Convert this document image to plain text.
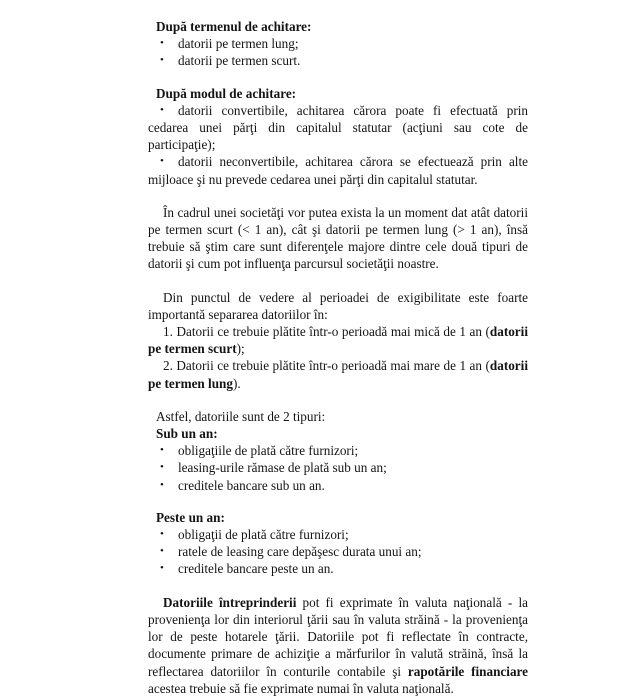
După termenul de achitare:
• datorii pe termen lung;
• datorii pe termen scurt.
După modul de achitare:
• datorii convertibile, achitarea cărora poate fi efectuată prin cedarea unei părţi din capitalul statutar (acţiuni sau cote de participaţie);
• datorii neconvertibile, achitarea cărora se efectuează prin alte mijloace şi nu prevede cedarea unei părţi din capitalul statutar.

În cadrul unei societăţi vor putea exista la un moment dat atât datorii pe termen scurt (< 1 an), cât şi datorii pe termen lung (> 1 an), însă trebuie să ştim care sunt diferenţele majore dintre cele două tipuri de datorii şi cum pot influenţa parcursul societăţii noastre.

Din punctul de vedere al perioadei de exigibilitate este foarte importantă separarea datoriilor în:

1. Datorii ce trebuie plătite într-o perioadă mai mică de 1 an (datorii pe termen scurt);

2. Datorii ce trebuie plătite într-o perioadă mai mare de 1 an (datorii pe termen lung).

Astfel, datoriile sunt de 2 tipuri:
Sub un an:
• obligaţiile de plată către furnizori;
• leasing-urile rămase de plată sub un an;
• creditele bancare sub un an.
Peste un an:
• obligaţii de plată către furnizori;
• ratele de leasing care depăşesc durata unui an;
• creditele bancare peste un an.

Datoriile întreprinderii pot fi exprimate în valuta naţională - la provenienţa lor din interiorul ţării sau în valuta străină - la provenienţa lor de peste hotarele ţării. Datoriile pot fi reflectate în contracte, documente primare de achiziţie a mărfurilor în valută străină, însă la reflectarea datoriilor în conturile contabile şi rapotările financiare acestea trebuie să fie exprimate numai în valuta naţională.
